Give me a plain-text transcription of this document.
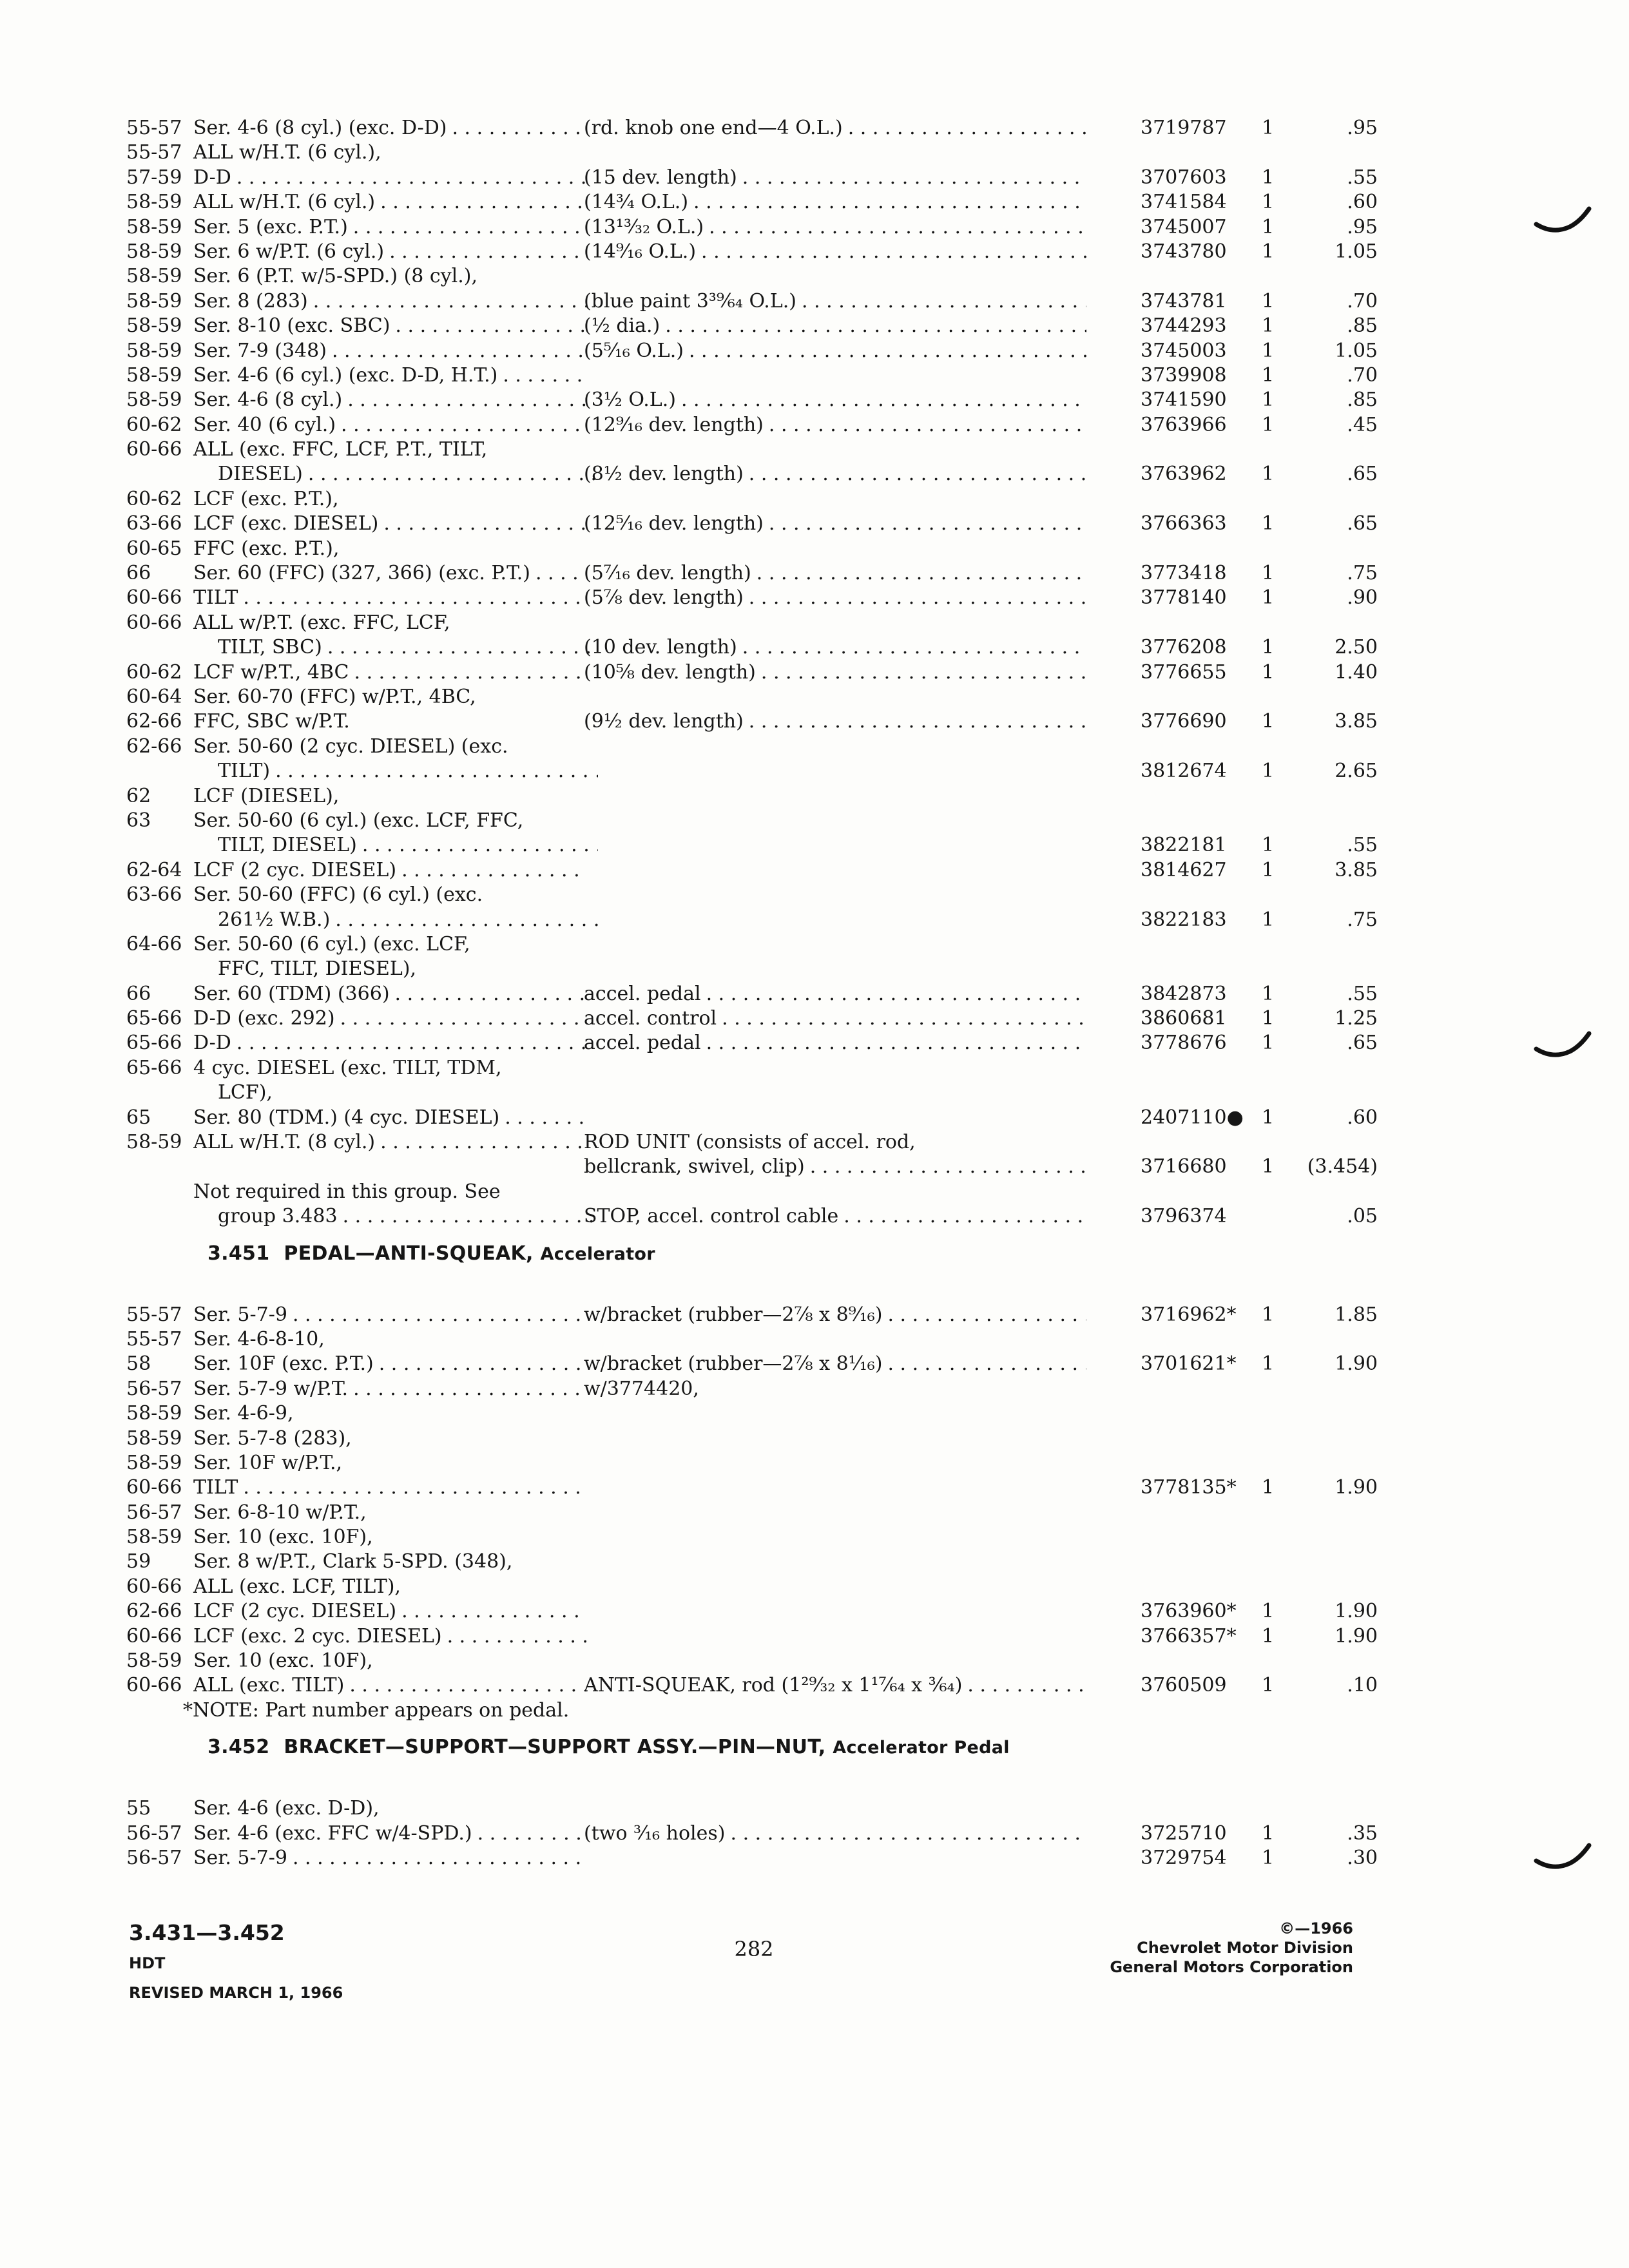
55-57 Ser. 4-6 (8 cyl.) (exc. D-D) . . .	(rd. knob one end—4 O.L.) . . .	3719787 1	.95
55-57 ALL w/H.T. (6 cyl.),
57-59 D-D . . .	(15 dev. length) . . .	3707603 1	.55
58-59 ALL w/H.T. (6 cyl.) . . .	(14¾ O.L.) . . .	3741584 1	.60
58-59 Ser. 5 (exc. P.T.) . . .	(13¹³⁄₃₂ O.L.) . . .	3745007 1	.95
58-59 Ser. 6 w/P.T. (6 cyl.) . . .	(14⁹⁄₁₆ O.L.) . . .	3743780 1	1.05
58-59 Ser. 6 (P.T. w/5-SPD.) (8 cyl.),
58-59 Ser. 8 (283) . . .	(blue paint 3³⁹⁄₆₄ O.L.) . . .	3743781 1	.70
58-59 Ser. 8-10 (exc. SBC) . . .	(½ dia.) . . .	3744293 1	.85
58-59 Ser. 7-9 (348) . . .	(5⁵⁄₁₆ O.L.) . . .	3745003 1	1.05
58-59 Ser. 4-6 (6 cyl.) (exc. D-D, H.T.) . . .	3739908 1	.70
58-59 Ser. 4-6 (8 cyl.) . . .	(3½ O.L.) . . .	3741590 1	.85
60-62 Ser. 40 (6 cyl.) . . .	(12⁹⁄₁₆ dev. length) . . .	3763966 1	.45
60-66 ALL (exc. FFC, LCF, P.T., TILT,
DIESEL) . . .	(8½ dev. length) . . .	3763962 1	.65
60-62 LCF (exc. P.T.),
63-66 LCF (exc. DIESEL) . . .	(12⁵⁄₁₆ dev. length) . . .	3766363 1	.65
60-65 FFC (exc. P.T.),
66 Ser. 60 (FFC) (327, 366) (exc. P.T.) . . .	(5⁷⁄₁₆ dev. length) . . .	3773418 1	.75
60-66 TILT . . .	(5⅞ dev. length) . . .	3778140 1	.90
60-66 ALL w/P.T. (exc. FFC, LCF,
TILT, SBC) . . .	(10 dev. length) . . .	3776208 1	2.50
60-62 LCF w/P.T., 4BC . . .	(10⅝ dev. length) . . .	3776655 1	1.40
60-64 Ser. 60-70 (FFC) w/P.T., 4BC,
62-66 FFC, SBC w/P.T.	(9½ dev. length) . . .	3776690 1	3.85
62-66 Ser. 50-60 (2 cyc. DIESEL) (exc.
TILT) . . .	3812674 1	2.65
62 LCF (DIESEL),
63 Ser. 50-60 (6 cyl.) (exc. LCF, FFC,
TILT, DIESEL) . . .	3822181 1	.55
62-64 LCF (2 cyc. DIESEL) . . .	3814627 1	3.85
63-66 Ser. 50-60 (FFC) (6 cyl.) (exc.
261½ W.B.) . . .	3822183 1	.75
64-66 Ser. 50-60 (6 cyl.) (exc. LCF,
FFC, TILT, DIESEL),
66 Ser. 60 (TDM) (366) . . .	accel. pedal . . .	3842873 1	.55
65-66 D-D (exc. 292) . . .	accel. control . . .	3860681 1	1.25
65-66 D-D . . .	accel. pedal . . .	3778676 1	.65
65-66 4 cyc. DIESEL (exc. TILT, TDM,
LCF),
65 Ser. 80 (TDM.) (4 cyc. DIESEL) . . .	2407110● 1	.60
58-59 ALL w/H.T. (8 cyl.) . . .	ROD UNIT (consists of accel. rod,
bellcrank, swivel, clip) . . .	3716680 1	(3.454)
Not required in this group. See
group 3.483 . . .	STOP, accel. control cable . . .	3796374	.05
3.451 PEDAL—ANTI-SQUEAK, Accelerator
55-57 Ser. 5-7-9 . . .	w/bracket (rubber—2⅞ x 8⁹⁄₁₆) . . .	3716962* 1	1.85
55-57 Ser. 4-6-8-10,
58 Ser. 10F (exc. P.T.) . . .	w/bracket (rubber—2⅞ x 8¹⁄₁₆) . . .	3701621* 1	1.90
56-57 Ser. 5-7-9 w/P.T. . . .	w/3774420,
58-59 Ser. 4-6-9,
58-59 Ser. 5-7-8 (283),
58-59 Ser. 10F w/P.T.,
60-66 TILT . . .	3778135* 1	1.90
56-57 Ser. 6-8-10 w/P.T.,
58-59 Ser. 10 (exc. 10F),
59 Ser. 8 w/P.T., Clark 5-SPD. (348),
60-66 ALL (exc. LCF, TILT),
62-66 LCF (2 cyc. DIESEL) . . .	3763960* 1	1.90
60-66 LCF (exc. 2 cyc. DIESEL) . . .	3766357* 1	1.90
58-59 Ser. 10 (exc. 10F),
60-66 ALL (exc. TILT) . . .	ANTI-SQUEAK, rod (1²⁹⁄₃₂ x 1¹⁷⁄₆₄ x ³⁄₆₄) . . .	3760509 1	.10
*NOTE: Part number appears on pedal.
3.452 BRACKET—SUPPORT—SUPPORT ASSY.—PIN—NUT, Accelerator Pedal
55 Ser. 4-6 (exc. D-D),
56-57 Ser. 4-6 (exc. FFC w/4-SPD.) . . .	(two ³⁄₁₆ holes) . . .	3725710 1	.35
56-57 Ser. 5-7-9 . . .	3729754 1	.30
3.431—3.452
HDT
REVISED MARCH 1, 1966
282
©—1966
Chevrolet Motor Division
General Motors Corporation
